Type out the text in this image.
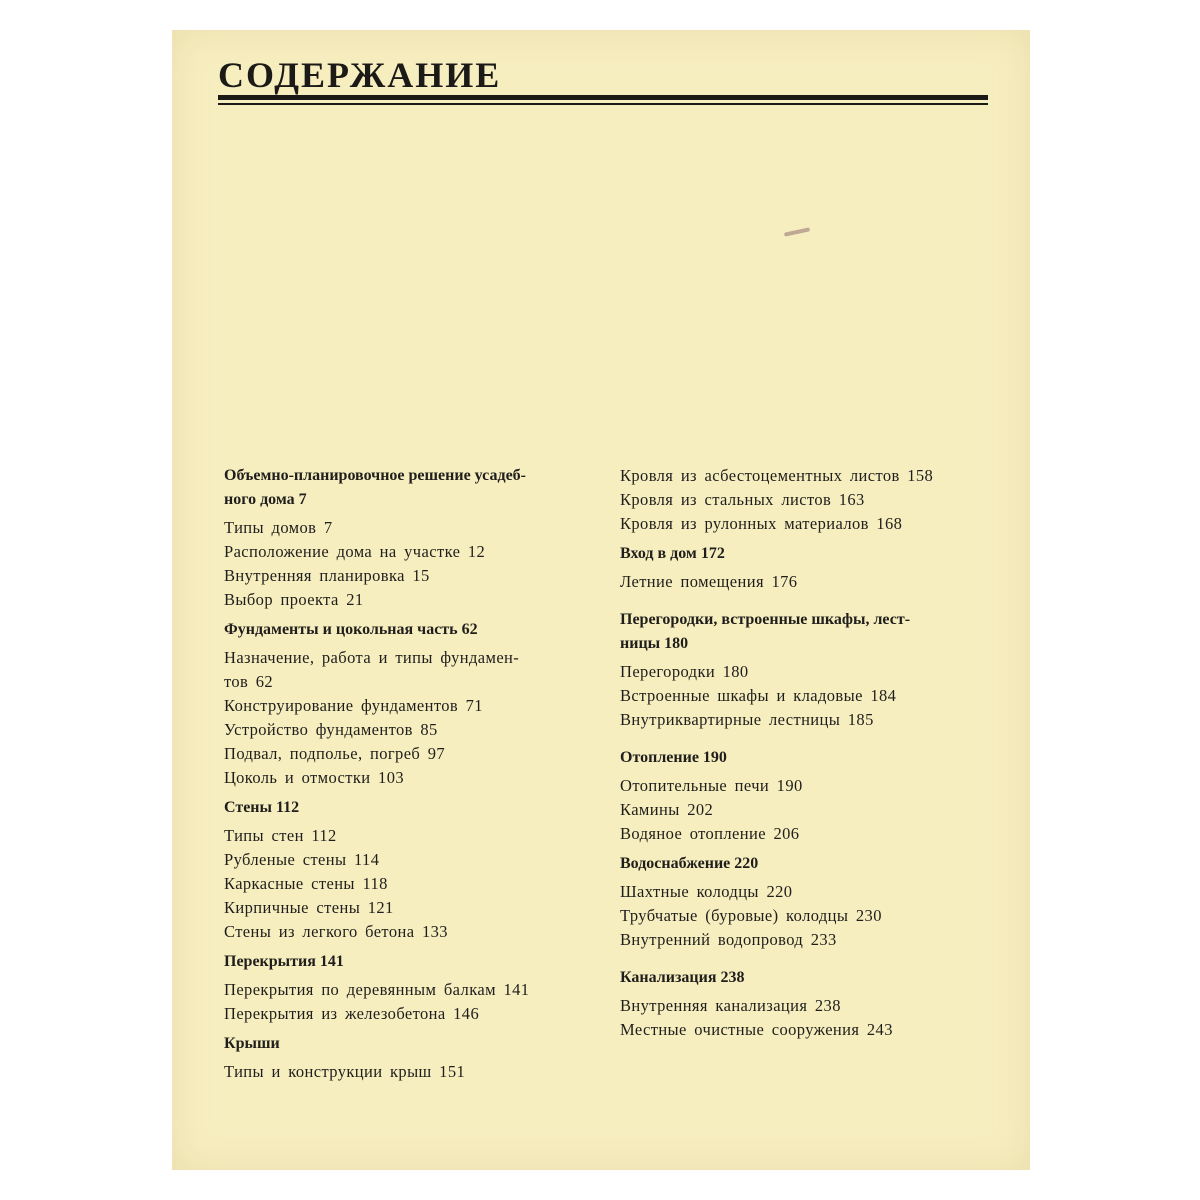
СОДЕРЖАНИЕ
Объемно-планировочное решение усадеб-
ного дома 7
Типы домов 7
Расположение дома на участке 12
Внутренняя планировка 15
Выбор проекта 21
Фундаменты и цокольная часть 62
Назначение, работа и типы фундамен-
тов 62
Конструирование фундаментов 71
Устройство фундаментов 85
Подвал, подполье, погреб 97
Цоколь и отмостки 103
Стены 112
Типы стен 112
Рубленые стены 114
Каркасные стены 118
Кирпичные стены 121
Стены из легкого бетона 133
Перекрытия 141
Перекрытия по деревянным балкам 141
Перекрытия из железобетона 146
Крыши
Типы и конструкции крыш 151
Кровля из асбестоцементных листов 158
Кровля из стальных листов 163
Кровля из рулонных материалов 168
Вход в дом 172
Летние помещения 176
Перегородки, встроенные шкафы, лест-
ницы 180
Перегородки 180
Встроенные шкафы и кладовые 184
Внутриквартирные лестницы 185
Отопление 190
Отопительные печи 190
Камины 202
Водяное отопление 206
Водоснабжение 220
Шахтные колодцы 220
Трубчатые (буровые) колодцы 230
Внутренний водопровод 233
Канализация 238
Внутренняя канализация 238
Местные очистные сооружения 243
